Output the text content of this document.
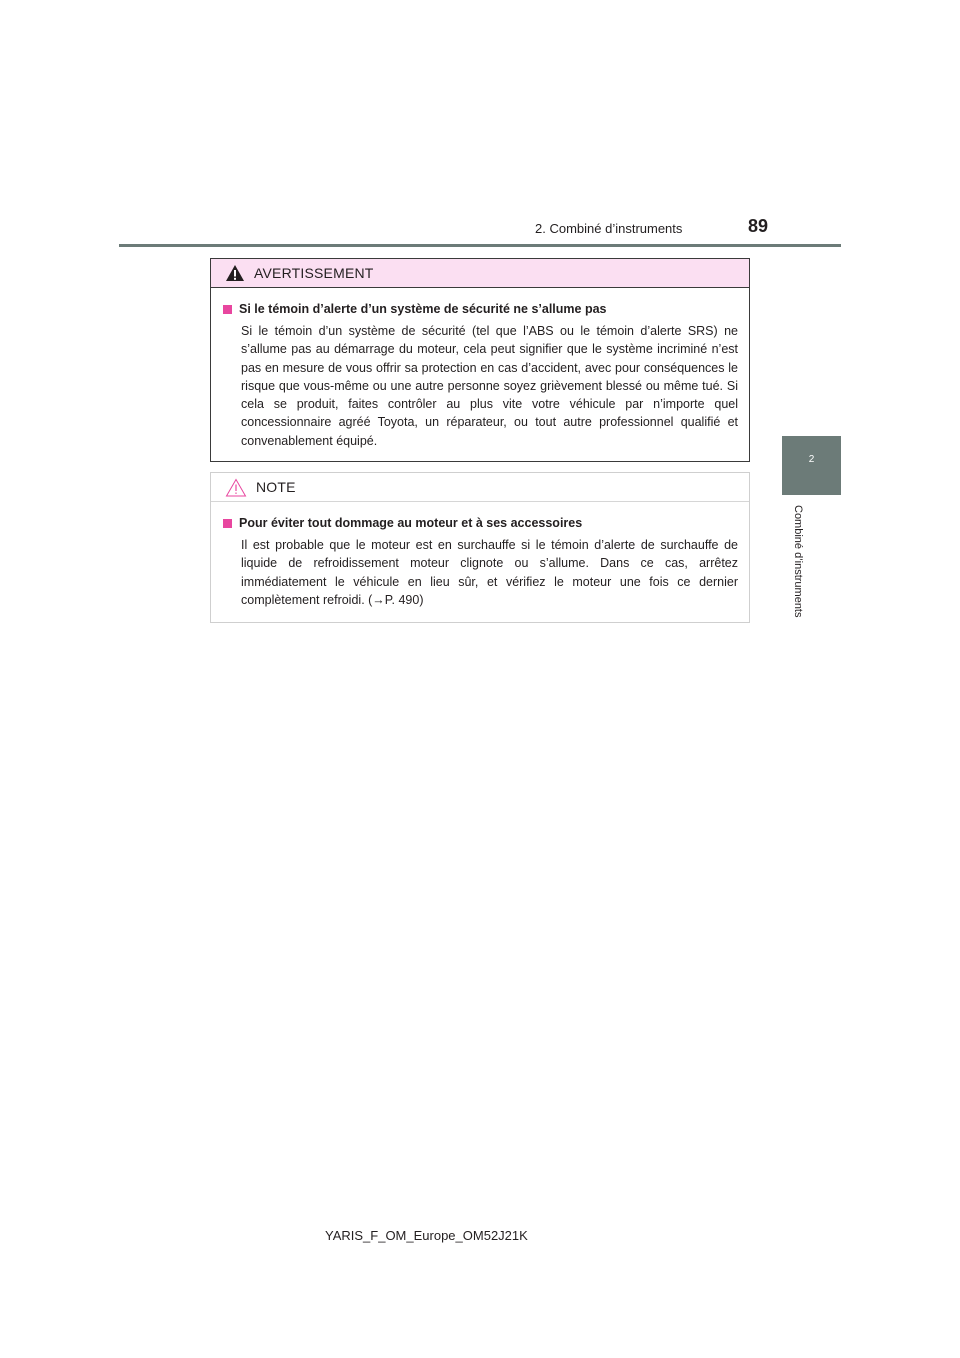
2. Combiné d’instruments	89
2
Combiné d’instruments
AVERTISSEMENT
Si le témoin d’alerte d’un système de sécurité ne s’allume pas

Si le témoin d’un système de sécurité (tel que l’ABS ou le témoin d’alerte SRS) ne s’allume pas au démarrage du moteur, cela peut signifier que le système incriminé n’est pas en mesure de vous offrir sa protection en cas d’accident, avec pour conséquences le risque que vous-même ou une autre personne soyez grièvement blessé ou même tué. Si cela se produit, faites contrôler au plus vite votre véhicule par n’importe quel concessionnaire agréé Toyota, un réparateur, ou tout autre professionnel qualifié et convenablement équipé.

NOTE
Pour éviter tout dommage au moteur et à ses accessoires

Il est probable que le moteur est en surchauffe si le témoin d’alerte de surchauffe de liquide de refroidissement moteur clignote ou s’allume. Dans ce cas, arrêtez immédiatement le véhicule en lieu sûr, et vérifiez le moteur une fois ce dernier complètement refroidi. (→P. 490)

YARIS_F_OM_Europe_OM52J21K
